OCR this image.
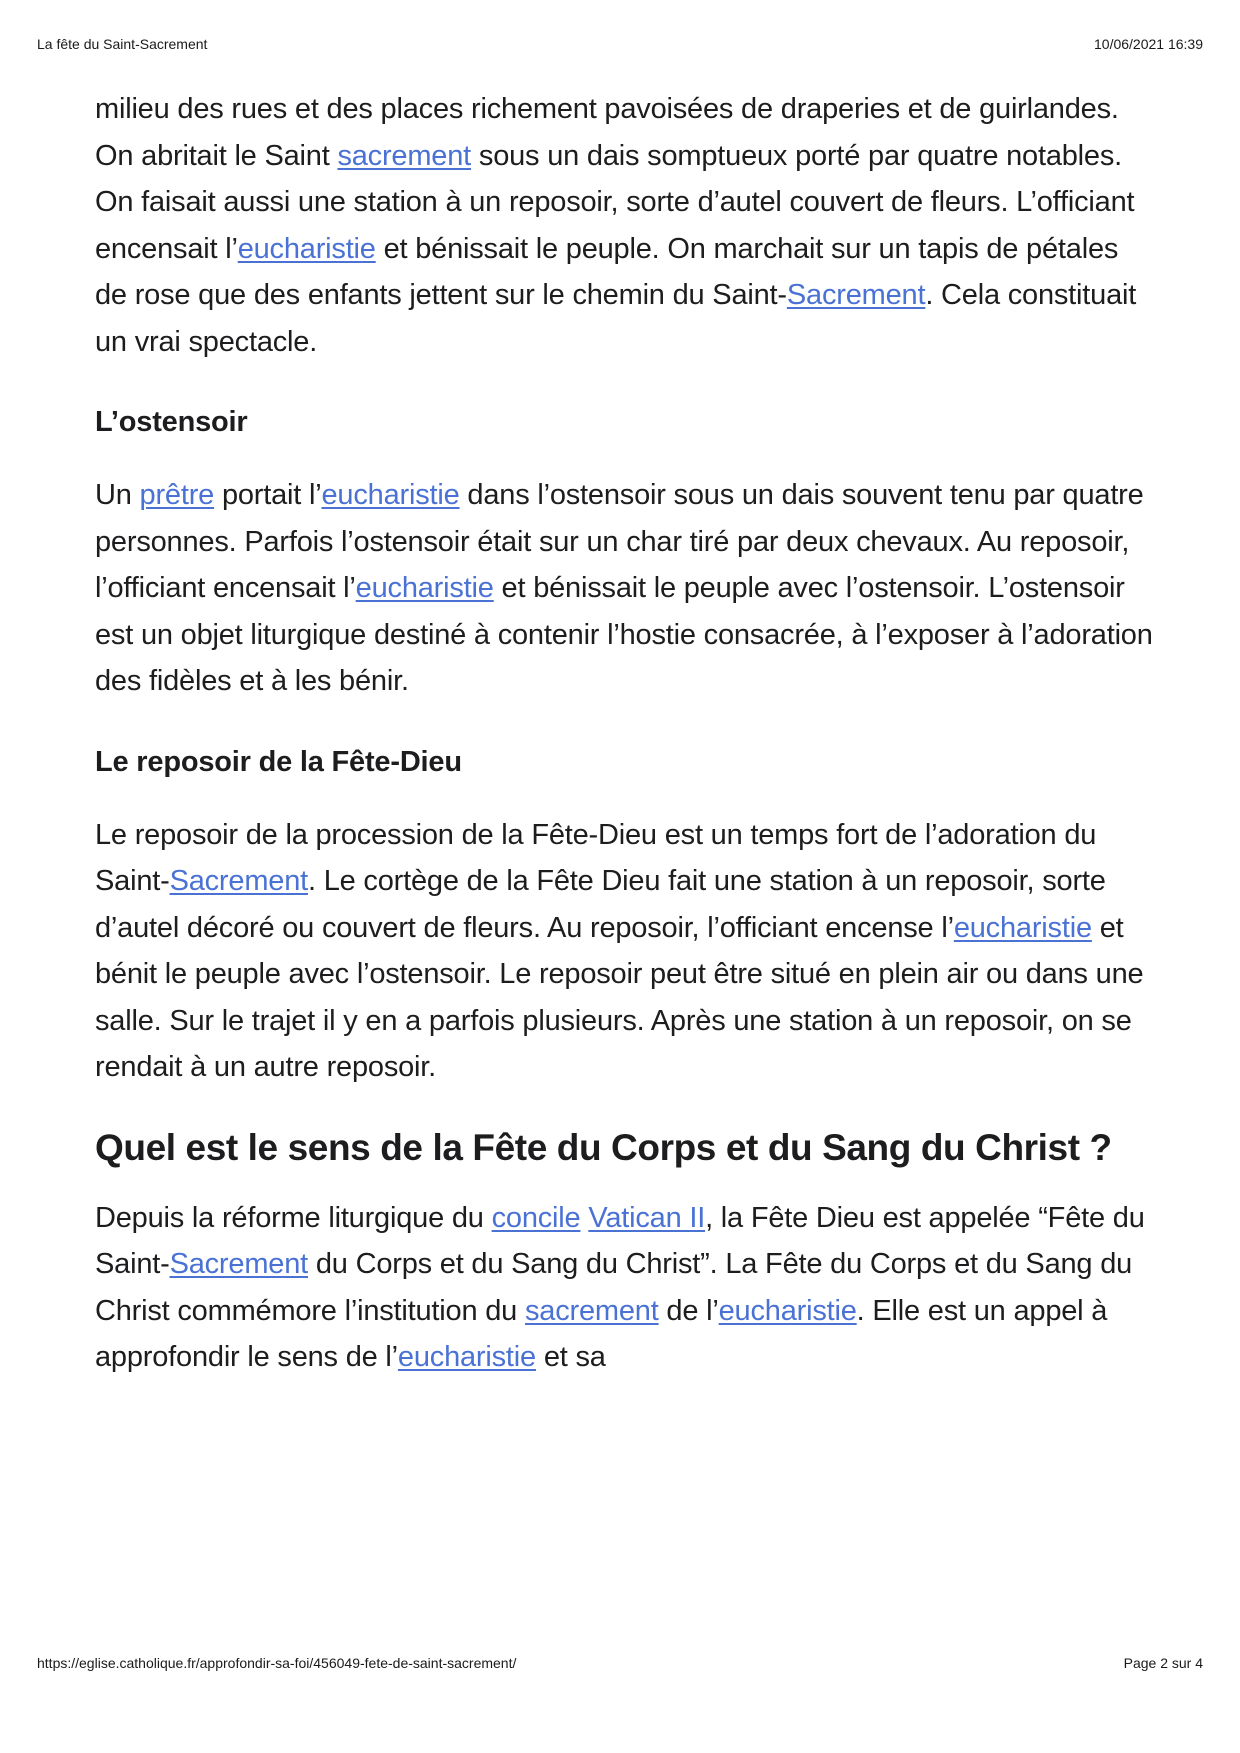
La fête du Saint-Sacrement	10/06/2021 16:39

milieu des rues et des places richement pavoisées de draperies et de guirlandes. On abritait le Saint sacrement sous un dais somptueux porté par quatre notables. On faisait aussi une station à un reposoir, sorte d’autel couvert de fleurs. L’officiant encensait l’eucharistie et bénissait le peuple. On marchait sur un tapis de pétales de rose que des enfants jettent sur le chemin du Saint-Sacrement. Cela constituait un vrai spectacle.

L’ostensoir

Un prêtre portait l’eucharistie dans l’ostensoir sous un dais souvent tenu par quatre personnes. Parfois l’ostensoir était sur un char tiré par deux chevaux. Au reposoir, l’officiant encensait l’eucharistie et bénissait le peuple avec l’ostensoir. L’ostensoir est un objet liturgique destiné à contenir l’hostie consacrée, à l’exposer à l’adoration des fidèles et à les bénir.

Le reposoir de la Fête-Dieu

Le reposoir de la procession de la Fête-Dieu est un temps fort de l’adoration du Saint-Sacrement. Le cortège de la Fête Dieu fait une station à un reposoir, sorte d’autel décoré ou couvert de fleurs. Au reposoir, l’officiant encense l’eucharistie et bénit le peuple avec l’ostensoir. Le reposoir peut être situé en plein air ou dans une salle. Sur le trajet il y en a parfois plusieurs. Après une station à un reposoir, on se rendait à un autre reposoir.

Quel est le sens de la Fête du Corps et du Sang du Christ ?

Depuis la réforme liturgique du concile Vatican II, la Fête Dieu est appelée “Fête du Saint-Sacrement du Corps et du Sang du Christ”. La Fête du Corps et du Sang du Christ commémore l’institution du sacrement de l’eucharistie. Elle est un appel à approfondir le sens de l’eucharistie et sa

https://eglise.catholique.fr/approfondir-sa-foi/456049-fete-de-saint-sacrement/	Page 2 sur 4
